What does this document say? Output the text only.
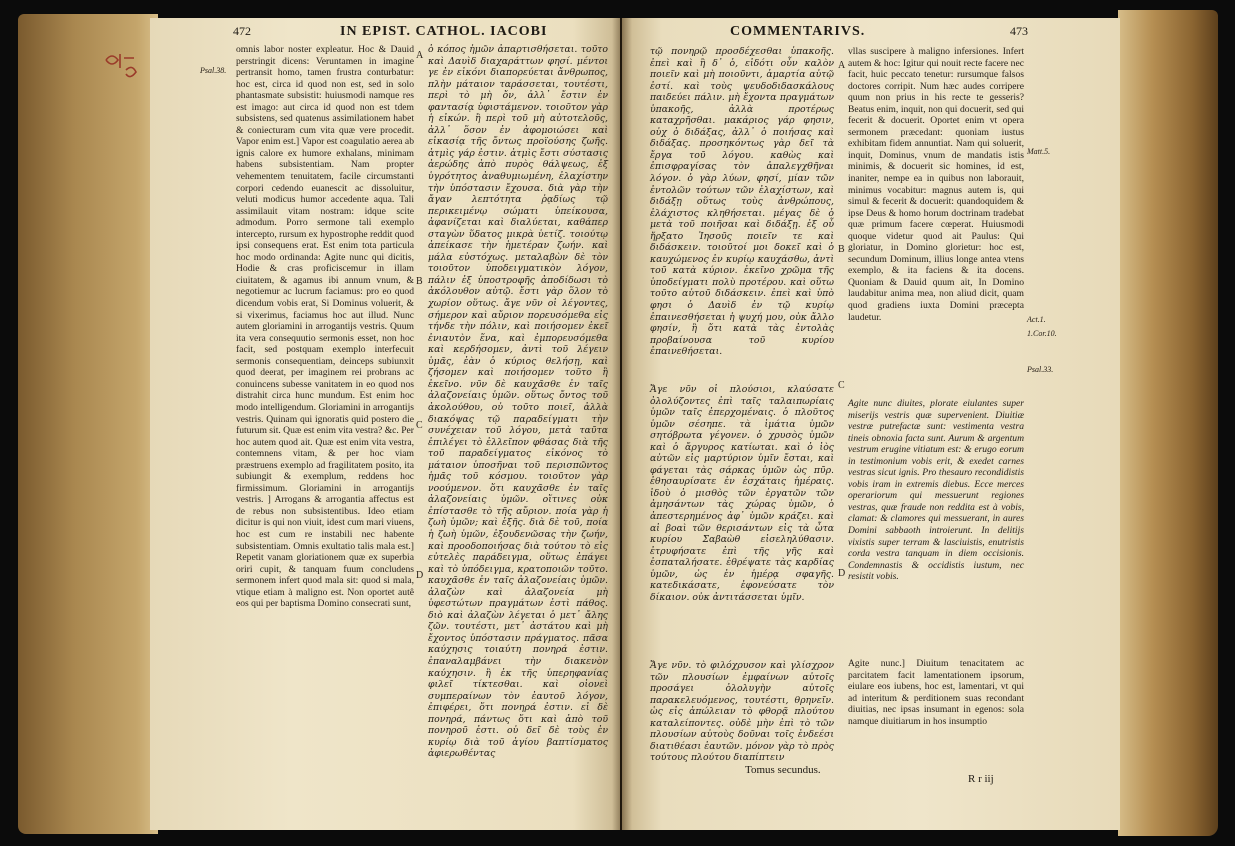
472	IN EPIST. CATHOL. IACOBI
Psal.38.

omnis labor noster expleatur. Hoc & Dauid perstringit dicens: Veruntamen in imagine pertransit homo, tamen frustra conturbatur: hoc est, circa id quod non est, sed in solo phantasmate subsistit: huiusmodi namque res est imago: aut circa id quod non est tdem subsistens, sed quatenus assimilationem habet & coniecturam cum vita quæ vere procedit. Vapor enim est.] Vapor est coagulatio aerea ab ignis calore ex humore exhalans, minimam habens subsistentiam. Nam propter vehementem tenuitatem, facile circumstanti corpori cedendo euanescit ac dissoluitur, veluti modicus humor accedente aqua. Tali assimilauit vitam nostram: idque scite admodum. Porro sermone tali exemplo intercepto, rursum ex hypostrophe reddit quod ipsi consequens erat. Est enim tota particula hoc modo ordinanda: Agite nunc qui dicitis, Hodie & cras proficiscemur in illam ciuitatem, & agamus ibi annum vnum, & negotiemur ac lucrum faciamus: pro eo quod dicendum vobis erat, Si Dominus voluerit, & si vixerimus, faciamus hoc aut illud. Nunc autem gloriamini in arrogantijs vestris. Quum ita vera consequutio sermonis esset, non hoc facit, sed postquam exemplo interfecuit sermonis consequentiam, deinceps subiunxit quod deerat, per imaginem rei probrans ac conuincens subesse vanitatem in eo quod nos distrahit circa hunc mundum. Est enim hoc modo intelligendum. Gloriamini in arrogantijs vestris. Quinam qui ignoratis quid postero die futurum sit. Quæ est enim vita vestra? &c. Per hoc autem quod ait. Quæ est enim vita vestra, contemnens vitam, & per hoc viam præstruens exemplo ad fragilitatem posito, ita subiungit & exemplum, reddens hoc firmissimum. Gloriamini in arrogantijs vestris. ] Arrogans & arrogantia affectus est de rebus non subsistentibus. Ideo etiam dicitur is qui non viuit, idest cum mari viuens, hoc est cum re instabili nec habente subsistentiam. Omnis exultatio talis mala est.] Repetit vanam gloriationem quæ ex superbia oriri cupit, & tanquam fuum concludens sermonem infert quod mala sit: quod si mala, vtique etiam à maligno est. Non oportet autê eos qui per baptisma Domino consecrati sunt,

A
B
C
D

ὁ κόπος ἡμῶν ἀπαρτισθήσεται. τοῦτο καὶ Δαυὶδ διαχαράττων φησί. μέντοι γε ἐν εἰκόνι διαπορεύεται ἄνθρωπος, πλὴν μάταιον ταράσσεται, τουτέστι, περὶ τὸ μὴ ὄν, ἀλλ᾽ ἔστιν ἐν φαντασίᾳ ὑφιστάμενον. τοιοῦτον γὰρ ἡ εἰκών. ἢ περὶ τοῦ μὴ αὐτοτελοῦς, ἀλλ᾽ ὅσον ἐν ἀφομοιώσει καὶ εἰκασίᾳ τῆς ὄντως προϊούσης ζωῆς. ἀτμὶς γάρ ἐστιν. ἀτμὶς ἔστι σύστασις ἀερώδης ἀπὸ πυρὸς θάλψεως, ἐξ ὑγρότητος ἀναθυμιωμένη, ἐλαχίστην τὴν ὑπόστασιν ἔχουσα. διὰ γὰρ τὴν ἄγαν λεπτότητα ῥᾳδίως τῷ περικειμένῳ σώματι ὑπείκουσα, ἀφανίζεται καὶ διαλύεται, καθάπερ σταγὼν ὕδατος μικρὰ ὑετίζ. τοιούτῳ ἀπείκασε τὴν ἡμετέραν ζωήν. καὶ μάλα εὐστόχως. μεταλαβὼν δὲ τὸν τοιοῦτον ὑποδειγματικὸν λόγον, πάλιν ἐξ ὑποστροφῆς ἀποδίδωσι τὸ ἀκόλουθον αὐτῷ. ἔστι γὰρ ὅλον τὸ χωρίον οὕτως. ἄγε νῦν οἱ λέγοντες, σήμερον καὶ αὔριον πορευσόμεθα εἰς τήνδε τὴν πόλιν, καὶ ποιήσομεν ἐκεῖ ἐνιαυτὸν ἕνα, καὶ ἐμπορευσόμεθα καὶ κερδήσομεν, ἀντὶ τοῦ λέγειν ὑμᾶς, ἐὰν ὁ κύριος θελήσῃ, καὶ ζήσομεν καὶ ποιήσομεν τοῦτο ἢ ἐκεῖνο. νῦν δὲ καυχᾶσθε ἐν ταῖς ἀλαζονείαις ὑμῶν. οὕτως ὄντος τοῦ ἀκολούθου, οὐ τοῦτο ποιεῖ, ἀλλὰ διακόψας τῷ παραδείγματι τὴν συνέχειαν τοῦ λόγου, μετὰ ταῦτα ἐπιλέγει τὸ ἐλλεῖπον φθάσας διὰ τῆς τοῦ παραδείγματος εἰκόνος τὸ μάταιον ὑποσῆναι τοῦ περισπῶντος ἡμᾶς τοῦ κόσμου. τοιοῦτον γὰρ νοούμενον. ὅτι καυχᾶσθε ἐν ταῖς ἀλαζονείαις ὑμῶν. οἵτινες οὐκ ἐπίστασθε τὸ τῆς αὔριον. ποία γὰρ ἡ ζωὴ ὑμῶν; καὶ ἑξῆς. διὰ δὲ τοῦ, ποία ἡ ζωὴ ὑμῶν, ἐξουδενῶσας τὴν ζωήν, καὶ προοδοποιήσας διὰ τούτου τὸ εἰς εὐτελὲς παράδειγμα, οὕτως ἐπάγει καὶ τὸ ὑπόδειγμα, κρατοποιῶν τοῦτο. καυχᾶσθε ἐν ταῖς ἀλαζονείαις ὑμῶν. ἀλαζὼν καὶ ἀλαζονεία μὴ ὑφεστώτων πραγμάτων ἐστὶ πάθος. διὸ καὶ ἀλαζὼν λέγεται ὁ μετ᾽ ἄλης ζῶν. τουτέστι, μετ᾽ ἀστάτου καὶ μὴ ἔχοντος ὑπόστασιν πράγματος. πᾶσα καύχησις τοιαύτη πονηρά ἐστιν. ἐπαναλαμβάνει τὴν διακενὸν καύχησιν. ἣ ἐκ τῆς ὑπερηφανίας φιλεῖ τίκτεσθαι. καὶ οἱονεὶ συμπεραίνων τὸν ἑαυτοῦ λόγον, ἐπιφέρει, ὅτι πονηρά ἐστιν. εἰ δὲ πονηρά, πάντως ὅτι καὶ ἀπὸ τοῦ πονηροῦ ἐστι. οὐ δεῖ δὲ τοὺς ἐν κυρίῳ διὰ τοῦ ἁγίου βαπτίσματος ἀφιερωθέντας

COMMENTARIVS.	473

τῷ πονηρῷ προσδέχεσθαι ὑπακοῆς. ἐπεὶ καὶ ἢ δ᾽ ὁ, εἰδότι οὖν καλὸν ποιεῖν καὶ μὴ ποιοῦντι, ἁμαρτία αὐτῷ ἐστί. καὶ τοὺς ψευδοδιδασκάλους παιδεύει πάλιν. μὴ ἔχοντα πραγμάτων ὑπακοῆς, ἀλλὰ προτέρως καταχρῆσθαι. μακάριος γάρ φησιν, οὐχ ὁ διδάξας, ἀλλ᾽ ὁ ποιήσας καὶ διδάξας. προσηκόντως γὰρ δεῖ τὰ ἔργα τοῦ λόγου. καθὼς καὶ ἐπισφραγίσας τὸν ἀπαλεγχθῆναι λόγον. ὁ γὰρ λύων, φησί, μίαν τῶν ἐντολῶν τούτων τῶν ἐλαχίστων, καὶ διδάξῃ οὕτως τοὺς ἀνθρώπους, ἐλάχιστος κληθήσεται. μέγας δὲ ὁ μετὰ τοῦ ποιῆσαι καὶ διδάξῃ. ἐξ οὗ ἤρξατο Ἰησοῦς ποιεῖν τε καὶ διδάσκειν. τοιοῦτοί μοι δοκεῖ καὶ ὁ καυχώμενος ἐν κυρίῳ καυχάσθω, ἀντὶ τοῦ κατὰ κύριον. ἐκεῖνο χρῶμα τῆς ὑποδείγματι πολὺ προτέρου. καὶ οὕτω τοῦτο αὐτοῦ διδάσκειν. ἐπεὶ καὶ ὑπὸ φησι ὁ Δαυὶδ ἐν τῷ κυρίῳ ἐπαινεσθήσεται ἡ ψυχή μου, οὐκ ἄλλο φησίν, ἢ ὅτι κατὰ τὰς ἐντολὰς προβαίνουσα τοῦ κυρίου ἐπαινεθήσεται.

Ἄγε νῦν οἱ πλούσιοι, κλαύσατε ὀλολύζοντες ἐπὶ ταῖς ταλαιπωρίαις ὑμῶν ταῖς ἐπερχομέναις. ὁ πλοῦτος ὑμῶν σέσηπε. τὰ ἱμάτια ὑμῶν σητόβρωτα γέγονεν. ὁ χρυσὸς ὑμῶν καὶ ὁ ἄργυρος κατίωται. καὶ ὁ ἰὸς αὐτῶν εἰς μαρτύριον ὑμῖν ἔσται, καὶ φάγεται τὰς σάρκας ὑμῶν ὡς πῦρ. ἐθησαυρίσατε ἐν ἐσχάταις ἡμέραις. ἰδοὺ ὁ μισθὸς τῶν ἐργατῶν τῶν ἀμησάντων τὰς χώρας ὑμῶν, ὁ ἀπεστερημένος ἀφ᾽ ὑμῶν κράζει. καὶ αἱ βοαὶ τῶν θερισάντων εἰς τὰ ὦτα κυρίου Σαβαὼθ εἰσεληλύθασιν. ἐτρυφήσατε ἐπὶ τῆς γῆς καὶ ἐσπαταλήσατε. ἐθρέψατε τὰς καρδίας ὑμῶν, ὡς ἐν ἡμέρᾳ σφαγῆς. κατεδικάσατε, ἐφονεύσατε τὸν δίκαιον. οὐκ ἀντιτάσσεται ὑμῖν.

Ἄγε νῦν. τὸ φιλόχρυσον καὶ γλίσχρον τῶν πλουσίων ἐμφαίνων αὐτοῖς προσάγει ὀλολυγὴν αὐτοῖς παρακελευόμενος, τουτέστι, θρηνεῖν. ὡς εἰς ἀπώλειαν τὸ φθορᾷ πλούτου καταλείποντες. οὐδὲ μὴν ἐπὶ τὸ τῶν πλουσίων αὐτοὺς δοῦναι τοῖς ἐνδεέσι διατιθέασι ἑαυτῶν. μόνον γὰρ τὸ πρὸς τούτους πλούτου διαπίπτειν

A
B
C
D

vllas suscipere à maligno infersiones. Infert autem & hoc: Igitur qui nouit recte facere nec facit, huic peccato tenetur: rursumque falsos doctores corripit. Num hæc audes corripere quum non prius in his recte te gesseris? Beatus enim, inquit, non qui docuerit, sed qui fecerit & docuerit. Oportet enim vt opera sermonem præcedant: quoniam iustus exhibitam fidem annuntiat. Nam qui soluerit, inquit, Dominus, vnum de mandatis istis minimis, & docuerit sic homines, id est, inaniter, nempe ea in quibus non laborauit, minimus vocabitur: magnus autem is, qui simul & fecerit & docuerit: quandoquidem & ipse Deus & homo horum doctrinam tradebat quæ primum facere cœperat. Huiusmodi quoque videtur quod ait Paulus: Qui gloriatur, in Domino glorietur: hoc est, secundum Dominum, illius longe antea vtens exemplo, & ita faciens & ita docens. Quoniam & Dauid quum ait, In Domino laudabitur anima mea, non aliud dicit, quam quod gradiens iuxta Domini præcepta laudetur.

Agite nunc diuites, plorate eiulantes super miserijs vestris quæ supervenient. Diuitiæ vestræ putrefactæ sunt: vestimenta vestra tineis obnoxia facta sunt. Aurum & argentum vestrum erugine vitiatum est: & erugo eorum in testimonium vobis erit, & exedet carnes vestras sicut ignis. Pro thesauro recondidistis vobis iram in extremis diebus. Ecce merces operariorum qui messuerunt regiones vestras, quæ fraude non reddita est à vobis, clamat: & clamores qui messuerant, in aures Domini sabbaoth introierunt. In delitijs vixistis super terram & lasciuistis, enutristis corda vestra tanquam in diem occisionis. Condemnastis & occidistis iustum, nec resistit vobis.

Agite nunc.] Diuitum tenacitatem ac parcitatem facit lamentationem ipsorum, eiulare eos iubens, hoc est, lamentari, vt qui ad interitum & perditionem suas recondant diuitias, nec ipsas insumant in egenos: sola namque diuitiarum in hos insumptio

Matt.5.
Act.1.
1.Cor.10.
Psal.33.
Tomus secundus.
R r iij
